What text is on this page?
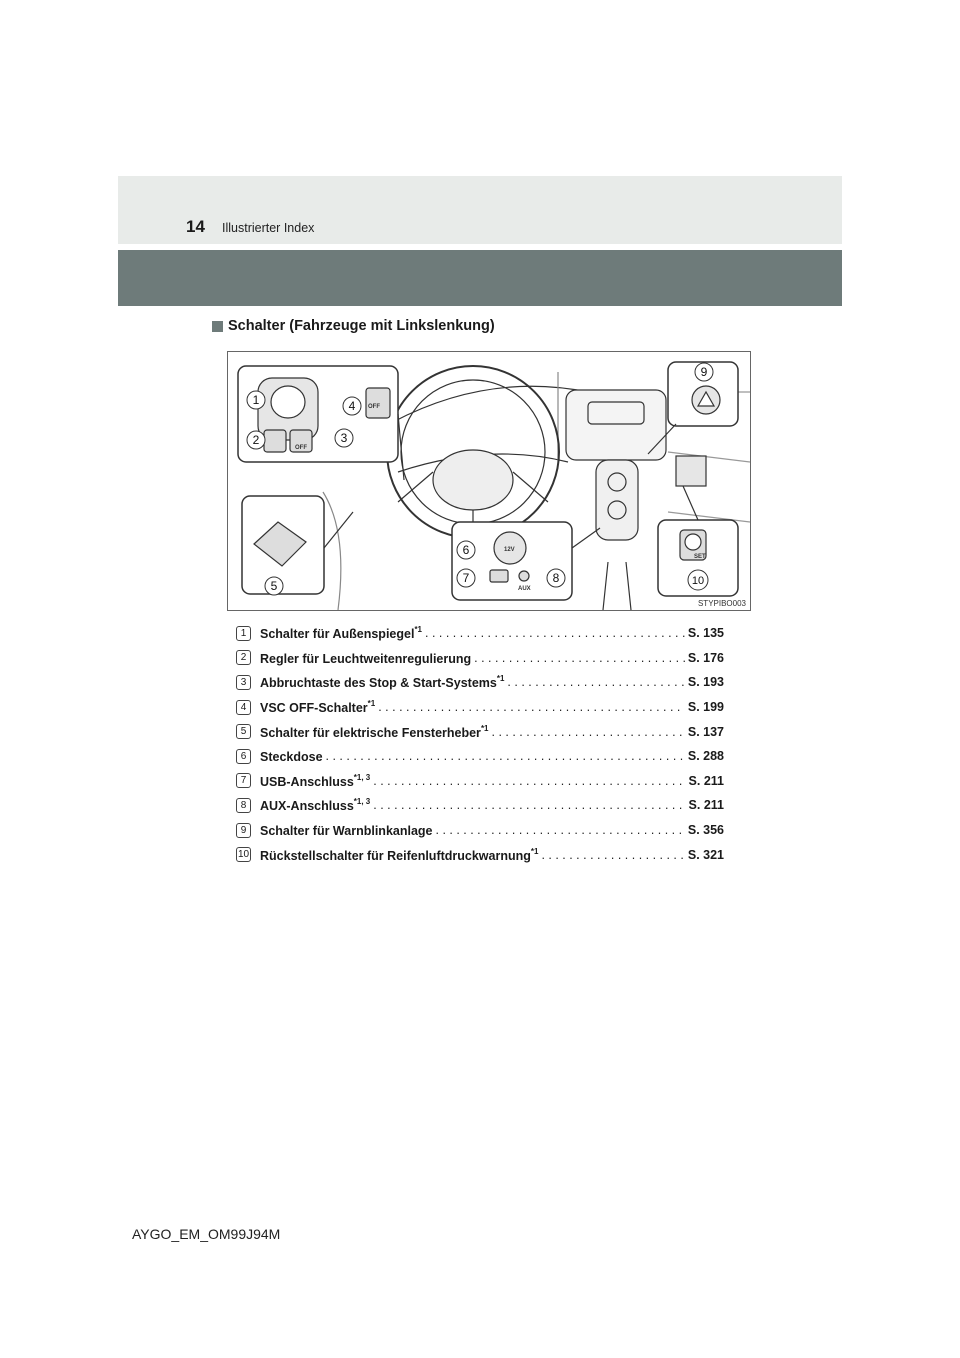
14 Illustrierter Index
Schalter (Fahrzeuge mit Linkslenkung)
OFF
OFF
12V
AUX
SET
1
2	3
4
5
6
7	8
9
10
STYPIBO003
1	Schalter für Außenspiegel$^{*1}$ . . .	S. 135
2	Regler für Leuchtweitenregulierung . . .	S. 176
3	Abbruchtaste des Stop & Start-Systems$^{*1}$ . . .	S. 193
4	VSC OFF-Schalter$^{*1}$ . . .	S. 199
5	Schalter für elektrische Fensterheber$^{*1}$ . . .	S. 137
6	Steckdose . . .	S. 288
7	USB-Anschluss$^{*1, 3}$ . . .	S. 211
8	AUX-Anschluss$^{*1, 3}$ . . .	S. 211
9	Schalter für Warnblinkanlage . . .	S. 356
10 Rückstellschalter für Reifenluftdruckwarnung$^{*1}$ . . .	S. 321
AYGO_EM_OM99J94M
